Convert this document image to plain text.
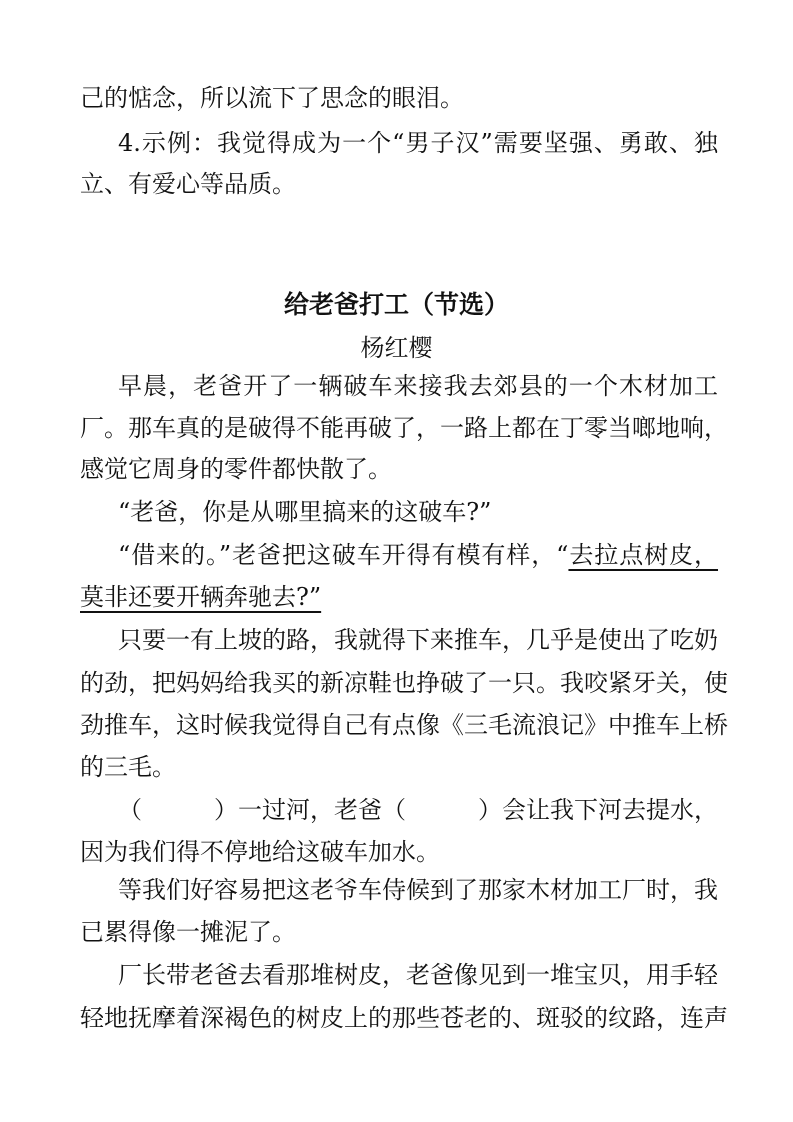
己的惦念，所以流下了思念的眼泪。
4.示例：我觉得成为一个“男子汉”需要坚强、勇敢、独
立、有爱心等品质。
给老爸打工（节选）
杨红樱
早晨，老爸开了一辆破车来接我去郊县的一个木材加工
厂。那车真的是破得不能再破了，一路上都在丁零当啷地响，
感觉它周身的零件都快散了。
“老爸，你是从哪里搞来的这破车?”
“借来的。”老爸把这破车开得有模有样，“去拉点树皮，
莫非还要开辆奔驰去?”
只要一有上坡的路，我就得下来推车，几乎是使出了吃奶
的劲，把妈妈给我买的新凉鞋也挣破了一只。我咬紧牙关，使
劲推车，这时候我觉得自己有点像《三毛流浪记》中推车上桥
的三毛。
（　　　）一过河，老爸（　　　）会让我下河去提水，
因为我们得不停地给这破车加水。
等我们好容易把这老爷车侍候到了那家木材加工厂时，我
已累得像一摊泥了。
厂长带老爸去看那堆树皮，老爸像见到一堆宝贝，用手轻
轻地抚摩着深褐色的树皮上的那些苍老的、斑驳的纹路，连声
